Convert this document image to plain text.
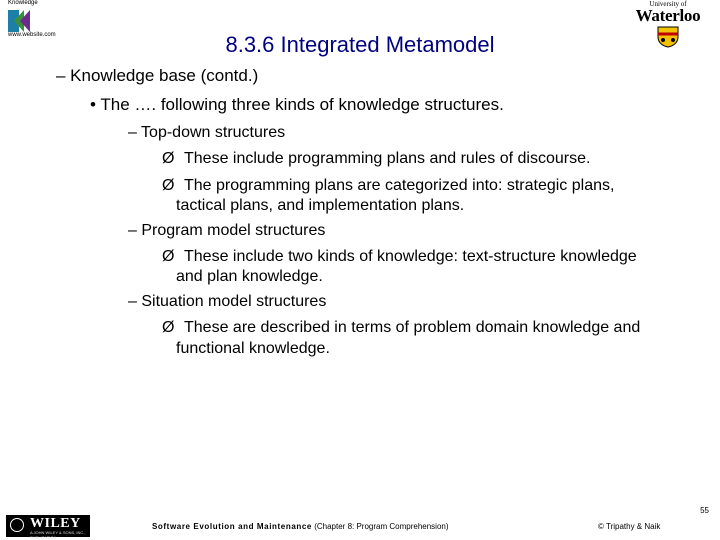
Knowledge
www.website.com
University of
Waterloo
8.3.6 Integrated Metamodel
– Knowledge base (contd.)
• The …. following three kinds of knowledge structures.
– Top-down structures
Ø These include programming plans and rules of discourse.
Ø The programming plans are categorized into: strategic plans,
tactical plans, and implementation plans.
– Program model structures
Ø These include two kinds of knowledge: text-structure knowledge
and plan knowledge.
– Situation model structures
Ø These are described in terms of problem domain knowledge and
functional knowledge.
55
WILEY
A JOHN WILEY & SONS, INC., PUBLICATION
Software Evolution and Maintenance (Chapter 8: Program Comprehension)	© Tripathy & Naik
